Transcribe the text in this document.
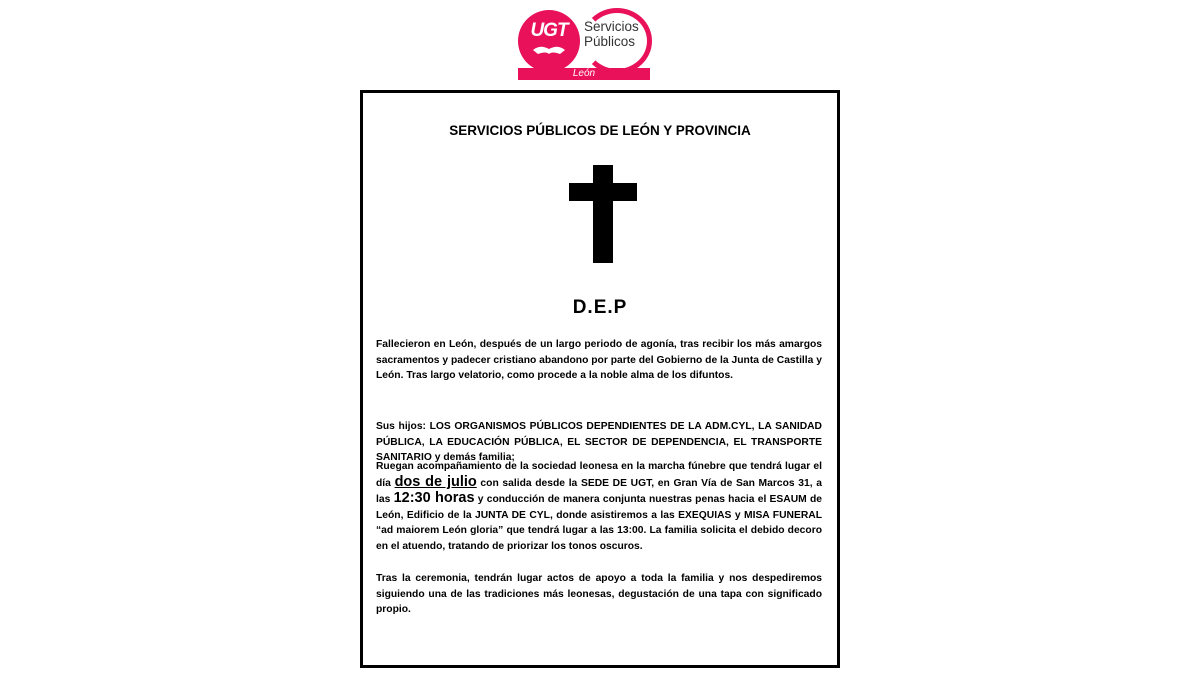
UGT	Servicios
Públicos
León
SERVICIOS PÚBLICOS DE LEÓN Y PROVINCIA
D.E.P
Fallecieron en León, después de un largo periodo de agonía, tras recibir los más amargos sacramentos y padecer cristiano abandono por parte del Gobierno de la Junta de Castilla y León. Tras largo velatorio, como procede a la noble alma de los difuntos.
Sus hijos: LOS ORGANISMOS PÚBLICOS DEPENDIENTES DE LA ADM.CYL, LA SANIDAD PÚBLICA, LA EDUCACIÓN PÚBLICA, EL SECTOR DE DEPENDENCIA, EL TRANSPORTE SANITARIO y demás familia;
Ruegan acompañamiento de la sociedad leonesa en la marcha fúnebre que tendrá lugar el día dos de julio con salida desde la SEDE DE UGT, en Gran Vía de San Marcos 31, a las 12:30 horas y conducción de manera conjunta nuestras penas hacia el ESAUM de León, Edificio de la JUNTA DE CYL, donde asistiremos a las EXEQUIAS y MISA FUNERAL “ad maiorem León gloria” que tendrá lugar a las 13:00. La familia solicita el debido decoro en el atuendo, tratando de priorizar los tonos oscuros.
Tras la ceremonia, tendrán lugar actos de apoyo a toda la familia y nos despediremos siguiendo una de las tradiciones más leonesas, degustación de una tapa con significado propio.
